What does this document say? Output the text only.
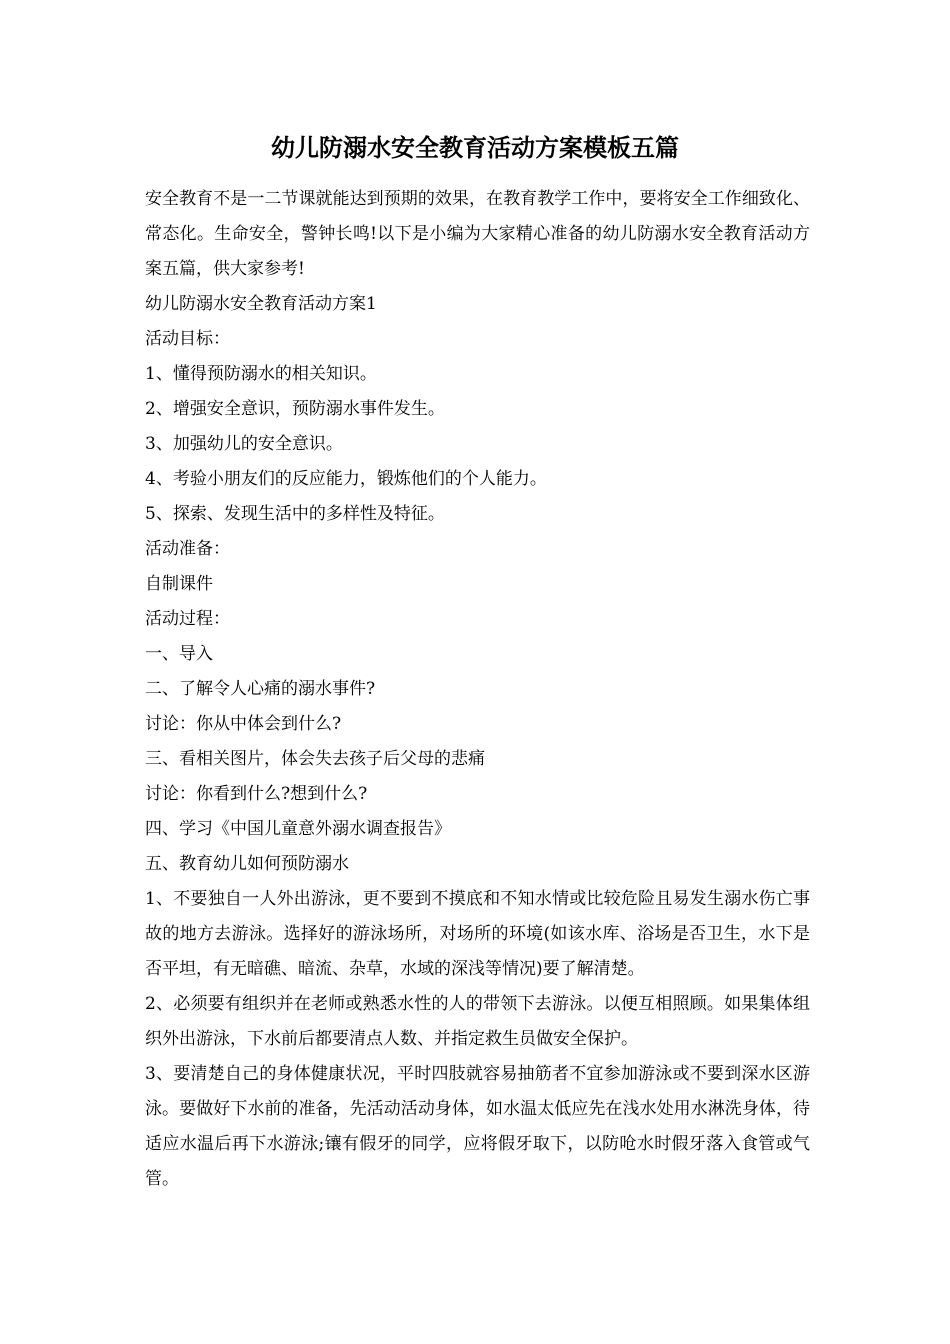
幼儿防溺水安全教育活动方案模板五篇

安全教育不是一二节课就能达到预期的效果，在教育教学工作中，要将安全工作细致化、常态化。生命安全，警钟长鸣!以下是小编为大家精心准备的幼儿防溺水安全教育活动方案五篇，供大家参考!

幼儿防溺水安全教育活动方案1

活动目标：

1、懂得预防溺水的相关知识。

2、增强安全意识，预防溺水事件发生。

3、加强幼儿的安全意识。

4、考验小朋友们的反应能力，锻炼他们的个人能力。

5、探索、发现生活中的多样性及特征。

活动准备：

自制课件

活动过程：

一、导入

二、了解令人心痛的溺水事件?

讨论：你从中体会到什么?

三、看相关图片，体会失去孩子后父母的悲痛

讨论：你看到什么?想到什么?

四、学习《中国儿童意外溺水调查报告》

五、教育幼儿如何预防溺水

1、不要独自一人外出游泳，更不要到不摸底和不知水情或比较危险且易发生溺水伤亡事故的地方去游泳。选择好的游泳场所，对场所的环境(如该水库、浴场是否卫生，水下是否平坦，有无暗礁、暗流、杂草，水域的深浅等情况)要了解清楚。

2、必须要有组织并在老师或熟悉水性的人的带领下去游泳。以便互相照顾。如果集体组织外出游泳，下水前后都要清点人数、并指定救生员做安全保护。

3、要清楚自己的身体健康状况，平时四肢就容易抽筋者不宜参加游泳或不要到深水区游泳。要做好下水前的准备，先活动活动身体，如水温太低应先在浅水处用水淋洗身体，待适应水温后再下水游泳;镶有假牙的同学，应将假牙取下，以防呛水时假牙落入食管或气管。
